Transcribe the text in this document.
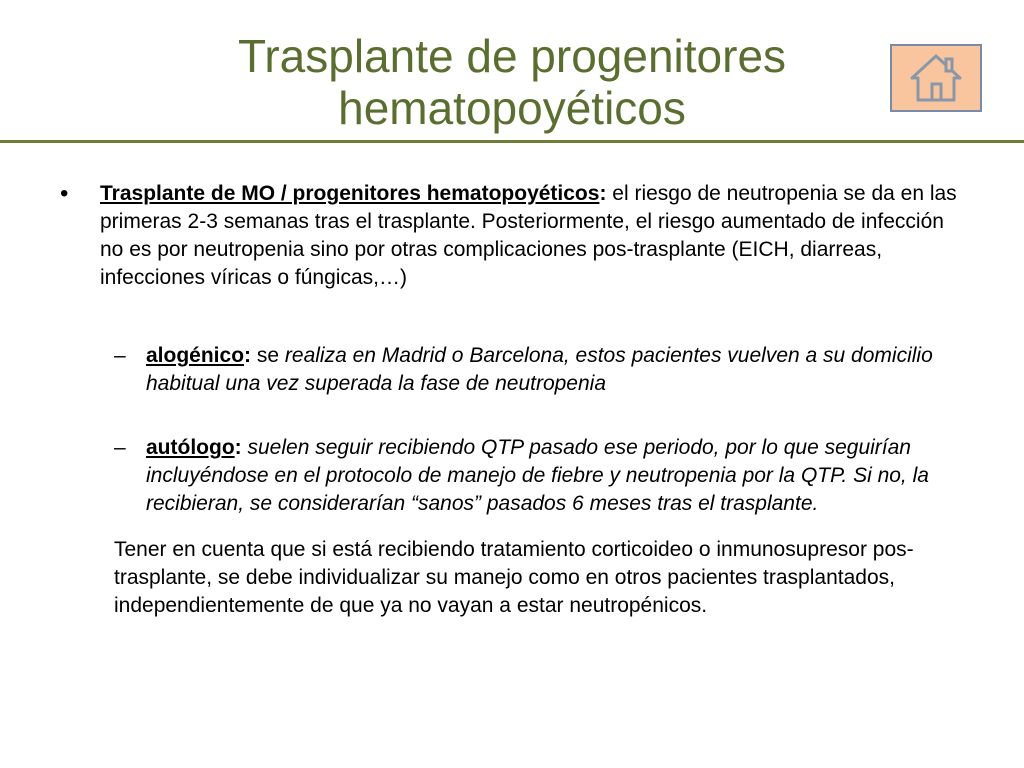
Trasplante de progenitores
hematopoyéticos
• Trasplante de MO / progenitores hematopoyéticos: el riesgo de neutropenia se da en las primeras 2-3 semanas tras el trasplante. Posteriormente, el riesgo aumentado de infección no es por neutropenia sino por otras complicaciones pos-trasplante (EICH, diarreas, infecciones víricas o fúngicas,…)
– alogénico: se realiza en Madrid o Barcelona, estos pacientes vuelven a su domicilio habitual una vez superada la fase de neutropenia
– autólogo: suelen seguir recibiendo QTP pasado ese periodo, por lo que seguirían incluyéndose en el protocolo de manejo de fiebre y neutropenia por la QTP. Si no, la recibieran, se considerarían “sanos” pasados 6 meses tras el trasplante.
Tener en cuenta que si está recibiendo tratamiento corticoideo o inmunosupresor pos-trasplante, se debe individualizar su manejo como en otros pacientes trasplantados, independientemente de que ya no vayan a estar neutropénicos.
